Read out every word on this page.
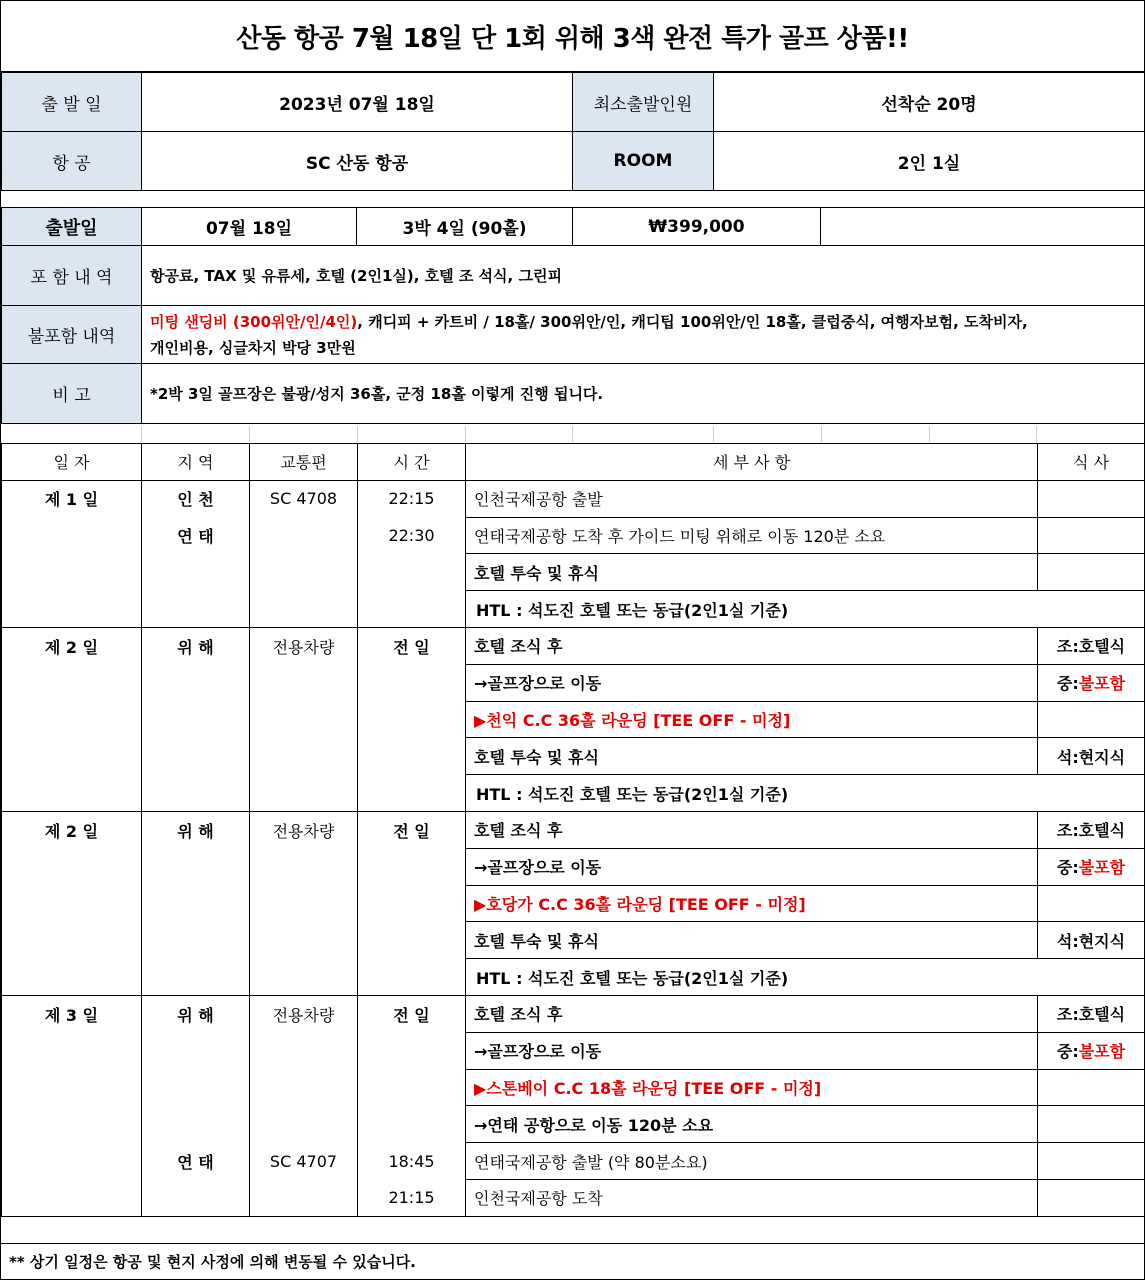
산동 항공 7월 18일 단 1회 위해 3색 완전 특가 골프 상품!!
출 발 일	2023년 07월 18일	최소출발인원	선착순 20명
항 공	SC 산동 항공	ROOM	2인 1실
출발일	07월 18일	3박 4일 (90홀)	₩399,000	
포 함 내 역	항공료, TAX 및 유류세, 호텔 (2인1실), 호텔 조 석식, 그린피			
불포함 내역	미팅 샌딩비 (300위안/인/4인), 캐디피 + 카트비 / 18홀/ 300위안/인, 캐디팁 100위안/인 18홀, 클럽중식, 여행자보험, 도착비자,
개인비용, 싱글차지 박당 3만원			
비 고	*2박 3일 골프장은 불광/성지 36홀, 군정 18홀 이렇게 진행 됩니다.			
일 자	지 역	교통편	시 간	세 부 사 항	식 사
제 1 일	인 천	SC 4708	22:15	인천국제공항 출발	
	연 태		22:30	연태국제공항 도착 후 가이드 미팅 위해로 이동 120분 소요	
				호텔 투숙 및 휴식	
				HTL : 석도진 호텔 또는 동급(2인1실 기준)	
제 2 일	위 해	전용차량	전 일	호텔 조식 후	조:호텔식
				→골프장으로 이동	중:불포함
				▶천익 C.C 36홀 라운딩 [TEE OFF - 미정]	
				호텔 투숙 및 휴식	석:현지식
				HTL : 석도진 호텔 또는 동급(2인1실 기준)	
제 2 일	위 해	전용차량	전 일	호텔 조식 후	조:호텔식
				→골프장으로 이동	중:불포함
				▶호당가 C.C 36홀 라운딩 [TEE OFF - 미정]	
				호텔 투숙 및 휴식	석:현지식
				HTL : 석도진 호텔 또는 동급(2인1실 기준)	
제 3 일	위 해	전용차량	전 일	호텔 조식 후	조:호텔식
				→골프장으로 이동	중:불포함
				▶스톤베이 C.C 18홀 라운딩 [TEE OFF - 미정]	
				→연태 공항으로 이동 120분 소요	
	연 태	SC 4707	18:45	연태국제공항 출발 (약 80분소요)	
			21:15	인천국제공항 도착	
** 상기 일정은 항공 및 현지 사정에 의해 변동될 수 있습니다.
